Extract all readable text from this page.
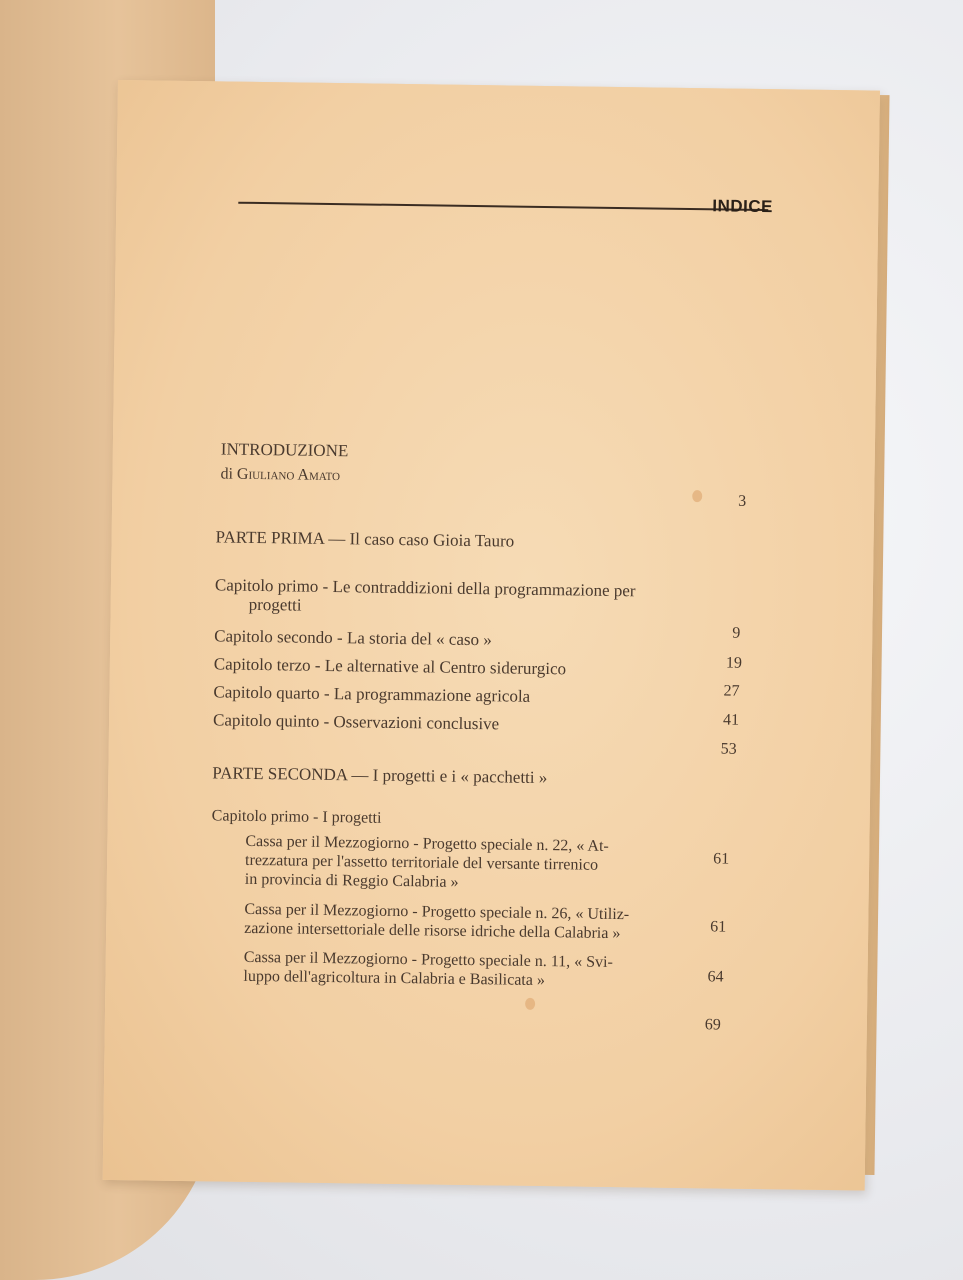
INDICE
INTRODUZIONE
di Giuliano Amato
3
PARTE PRIMA — Il caso caso Gioia Tauro
Capitolo primo - Le contraddizioni della programmazione per
progetti
9
Capitolo secondo - La storia del « caso »
19
Capitolo terzo - Le alternative al Centro siderurgico
27
Capitolo quarto - La programmazione agricola
41
Capitolo quinto - Osservazioni conclusive
53
PARTE SECONDA — I progetti e i « pacchetti »
Capitolo primo - I progetti
61
Cassa per il Mezzogiorno - Progetto speciale n. 22, « At-
trezzatura per l'assetto territoriale del versante tirrenico
in provincia di Reggio Calabria »
61
Cassa per il Mezzogiorno - Progetto speciale n. 26, « Utiliz-
zazione intersettoriale delle risorse idriche della Calabria »
64
Cassa per il Mezzogiorno - Progetto speciale n. 11, « Svi-
luppo dell'agricoltura in Calabria e Basilicata »
69
